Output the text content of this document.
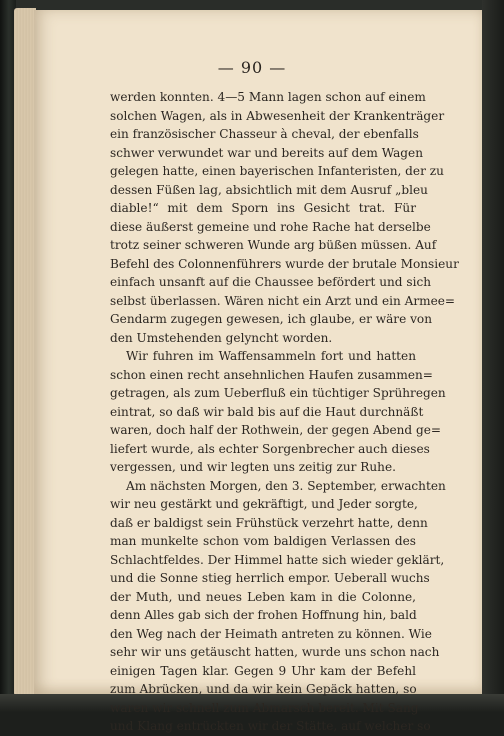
— 90 —
werden konnten. 4—5 Mann lagen schon auf einem
solchen Wagen, als in Abwesenheit der Krankenträger
ein französischer Chasseur à cheval, der ebenfalls
schwer verwundet war und bereits auf dem Wagen
gelegen hatte, einen bayerischen Infanteristen, der zu
dessen Füßen lag, absichtlich mit dem Ausruf „bleu
diable!“ mit dem Sporn ins Gesicht trat. Für
diese äußerst gemeine und rohe Rache hat derselbe
trotz seiner schweren Wunde arg büßen müssen. Auf
Befehl des Colonnenführers wurde der brutale Monsieur
einfach unsanft auf die Chaussee befördert und sich
selbst überlassen. Wären nicht ein Arzt und ein Armee=
Gendarm zugegen gewesen, ich glaube, er wäre von
den Umstehenden gelyncht worden.
Wir fuhren im Waffensammeln fort und hatten
schon einen recht ansehnlichen Haufen zusammen=
getragen, als zum Ueberfluß ein tüchtiger Sprühregen
eintrat, so daß wir bald bis auf die Haut durchnäßt
waren, doch half der Rothwein, der gegen Abend ge=
liefert wurde, als echter Sorgenbrecher auch dieses
vergessen, und wir legten uns zeitig zur Ruhe.
Am nächsten Morgen, den 3. September, erwachten
wir neu gestärkt und gekräftigt, und Jeder sorgte,
daß er baldigst sein Frühstück verzehrt hatte, denn
man munkelte schon vom baldigen Verlassen des
Schlachtfeldes. Der Himmel hatte sich wieder geklärt,
und die Sonne stieg herrlich empor. Ueberall wuchs
der Muth, und neues Leben kam in die Colonne,
denn Alles gab sich der frohen Hoffnung hin, bald
den Weg nach der Heimath antreten zu können. Wie
sehr wir uns getäuscht hatten, wurde uns schon nach
einigen Tagen klar. Gegen 9 Uhr kam der Befehl
zum Abrücken, und da wir kein Gepäck hatten, so
waren wir schnell zum Abmarsch bereit. Mit Sang
und Klang entrückten wir der Stätte, auf welcher so
